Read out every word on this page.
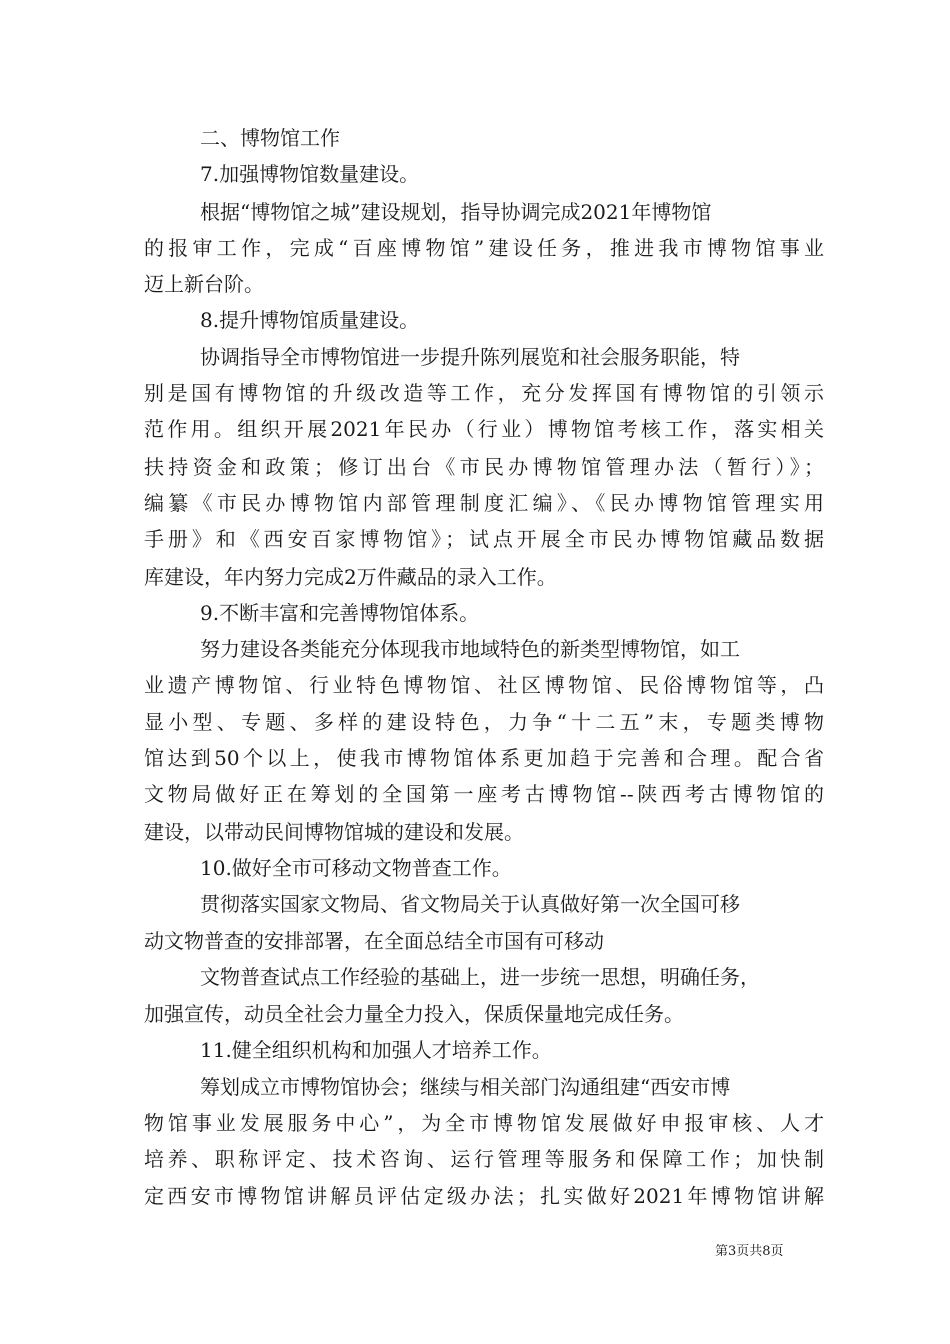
二、博物馆工作
7.加强博物馆数量建设。
根据“博物馆之城”建设规划，指导协调完成2021年博物馆
的报审工作，完成“百座博物馆”建设任务，推进我市博物馆事业
迈上新台阶。
8.提升博物馆质量建设。
协调指导全市博物馆进一步提升陈列展览和社会服务职能，特
别是国有博物馆的升级改造等工作，充分发挥国有博物馆的引领示
范作用。组织开展2021年民办（行业）博物馆考核工作，落实相关
扶持资金和政策；修订出台《市民办博物馆管理办法（暂行）》；
编纂《市民办博物馆内部管理制度汇编》、《民办博物馆管理实用
手册》和《西安百家博物馆》；试点开展全市民办博物馆藏品数据
库建设，年内努力完成2万件藏品的录入工作。
9.不断丰富和完善博物馆体系。
努力建设各类能充分体现我市地域特色的新类型博物馆，如工
业遗产博物馆、行业特色博物馆、社区博物馆、民俗博物馆等，凸
显小型、专题、多样的建设特色，力争“十二五”末，专题类博物
馆达到50个以上，使我市博物馆体系更加趋于完善和合理。配合省
文物局做好正在筹划的全国第一座考古博物馆--陕西考古博物馆的
建设，以带动民间博物馆城的建设和发展。
10.做好全市可移动文物普查工作。
贯彻落实国家文物局、省文物局关于认真做好第一次全国可移
动文物普查的安排部署，在全面总结全市国有可移动
文物普查试点工作经验的基础上，进一步统一思想，明确任务，
加强宣传，动员全社会力量全力投入，保质保量地完成任务。
11.健全组织机构和加强人才培养工作。
筹划成立市博物馆协会；继续与相关部门沟通组建“西安市博
物馆事业发展服务中心”，为全市博物馆发展做好申报审核、人才
培养、职称评定、技术咨询、运行管理等服务和保障工作；加快制
定西安市博物馆讲解员评估定级办法；扎实做好2021年博物馆讲解
第3页共8页
